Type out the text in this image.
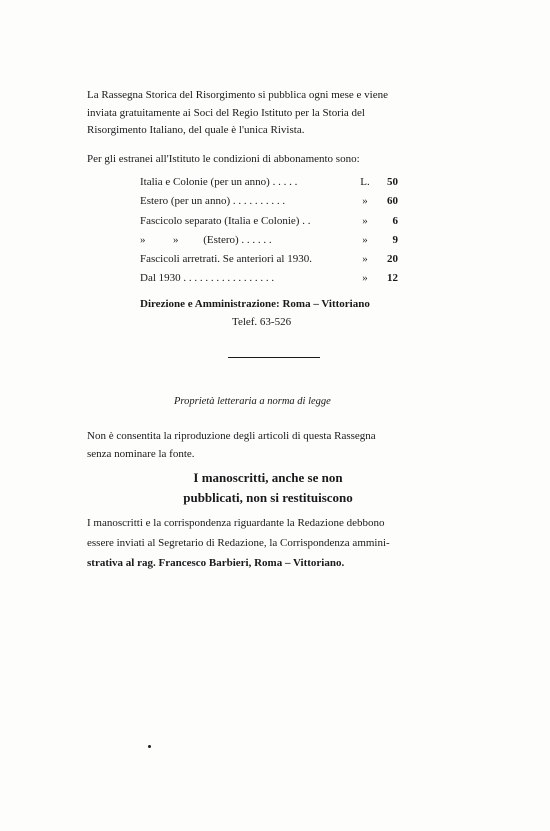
La Rassegna Storica del Risorgimento si pubblica ogni mese e viene
inviata gratuitamente ai Soci del Regio Istituto per la Storia del
Risorgimento Italiano, del quale è l'unica Rivista.
Per gli estranei all'Istituto le condizioni di abbonamento sono:
Italia e Colonie (per un anno) . . . . .	L.	50
Estero (per un anno) . . . . . . . . . .	»	60
Fascicolo separato (Italia e Colonie) . .	»	6
»          »         (Estero) . . . . . .	»	9
Fascicoli arretrati. Se anteriori al 1930.	»	20
Dal 1930 . . . . . . . . . . . . . . . . .	»	12
Direzione e Amministrazione: Roma – Vittoriano
Telef. 63-526
Proprietà letteraria a norma di legge
Non è consentita la riproduzione degli articoli di questa Rassegna
senza nominare la fonte.
I manoscritti, anche se non
pubblicati, non si restituiscono
I manoscritti e la corrispondenza riguardante la Redazione debbono
essere inviati al Segretario di Redazione, la Corrispondenza ammini-
strativa al rag. Francesco Barbieri, Roma – Vittoriano.
